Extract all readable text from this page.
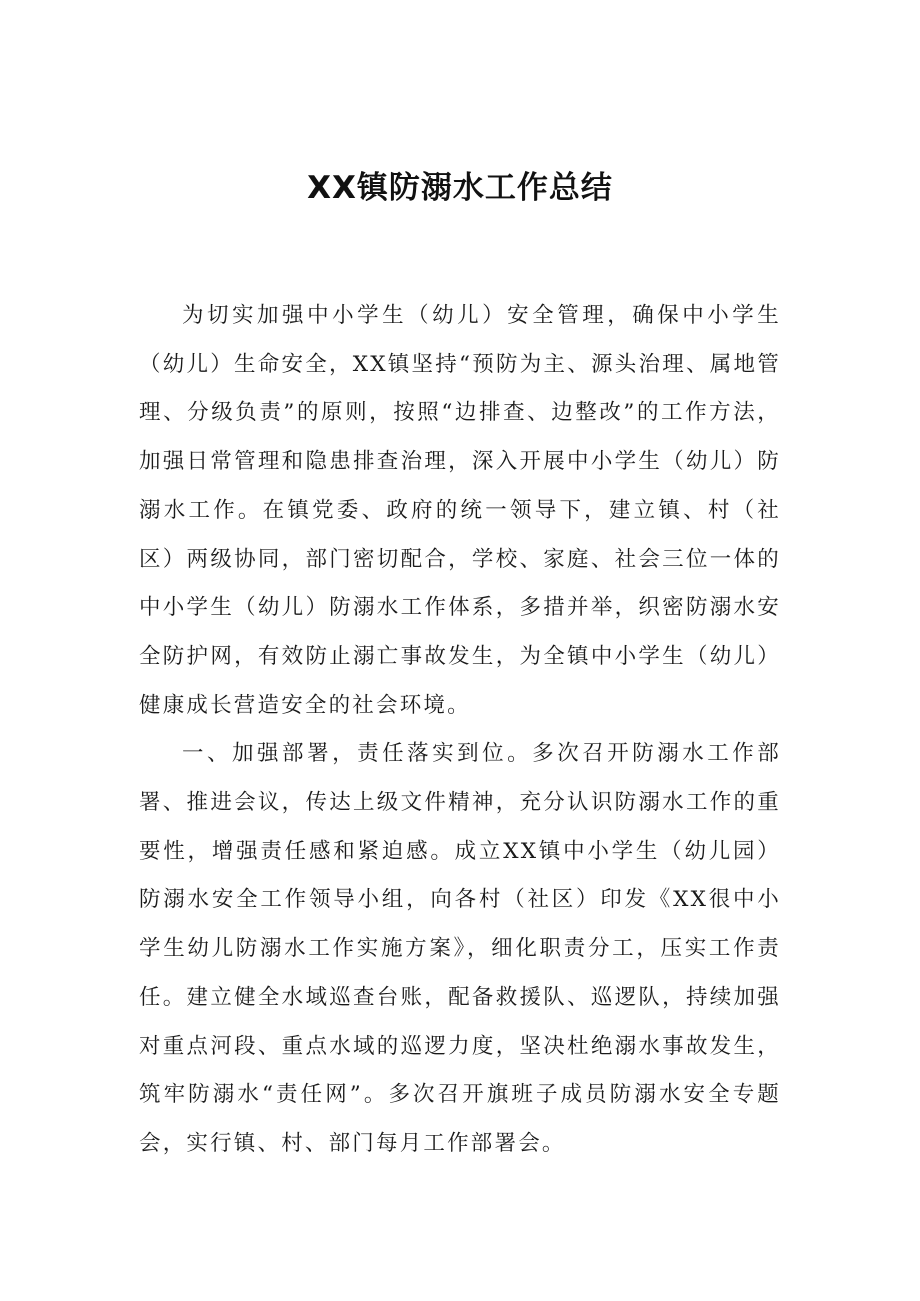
XX镇防溺水工作总结

为切实加强中小学生（幼儿）安全管理，确保中小学生（幼儿）生命安全，XX镇坚持“预防为主、源头治理、属地管理、分级负责”的原则，按照“边排查、边整改”的工作方法，加强日常管理和隐患排查治理，深入开展中小学生（幼儿）防溺水工作。在镇党委、政府的统一领导下，建立镇、村（社区）两级协同，部门密切配合，学校、家庭、社会三位一体的中小学生（幼儿）防溺水工作体系，多措并举，织密防溺水安全防护网，有效防止溺亡事故发生，为全镇中小学生（幼儿）健康成长营造安全的社会环境。

一、加强部署，责任落实到位。多次召开防溺水工作部署、推进会议，传达上级文件精神，充分认识防溺水工作的重要性，增强责任感和紧迫感。成立XX镇中小学生（幼儿园）防溺水安全工作领导小组，向各村（社区）印发《XX很中小学生幼儿防溺水工作实施方案》，细化职责分工，压实工作责任。建立健全水域巡查台账，配备救援队、巡逻队，持续加强对重点河段、重点水域的巡逻力度，坚决杜绝溺水事故发生，筑牢防溺水“责任网”。多次召开旗班子成员防溺水安全专题会，实行镇、村、部门每月工作部署会。
